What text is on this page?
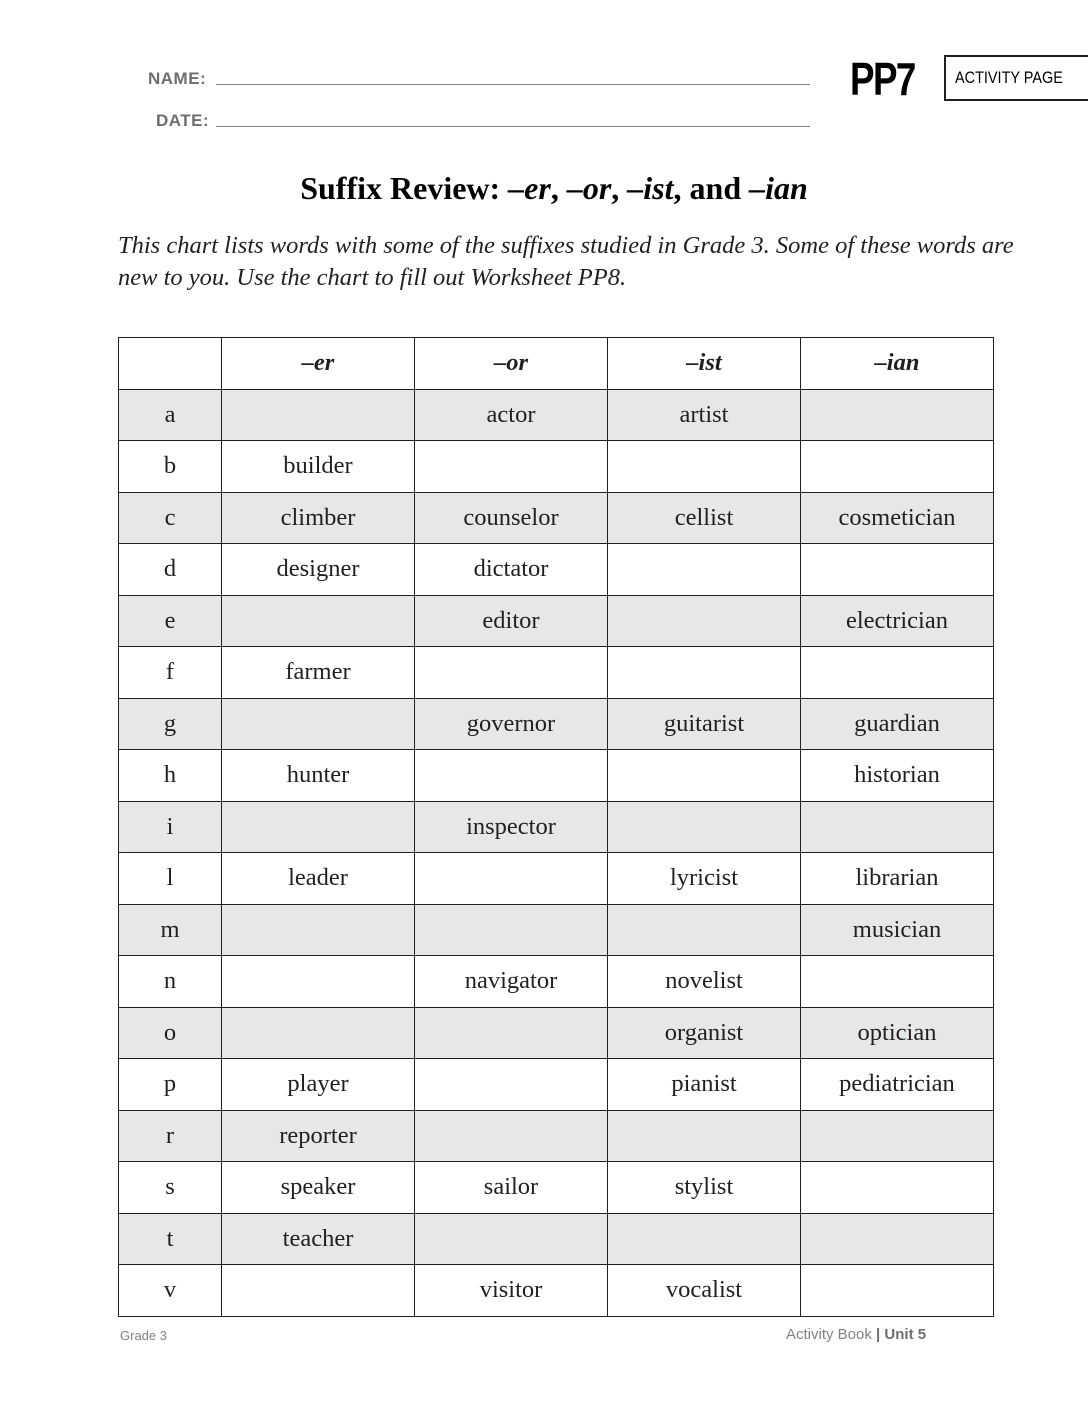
NAME:
DATE:
PP7	ACTIVITY PAGE
Suffix Review: –er, –or, –ist, and –ian
This chart lists words with some of the suffixes studied in Grade 3. Some of these words are new to you. Use the chart to fill out Worksheet PP8.
	–er	–or	–ist	–ian
a		actor	artist	
b	builder			
c	climber	counselor	cellist	cosmetician
d	designer	dictator		
e		editor		electrician
f	farmer			
g		governor	guitarist	guardian
h	hunter			historian
i		inspector		
l	leader		lyricist	librarian
m				musician
n		navigator	novelist	
o			organist	optician
p	player		pianist	pediatrician
r	reporter			
s	speaker	sailor	stylist	
t	teacher			
v		visitor	vocalist	
Grade 3	Activity Book | Unit 5
